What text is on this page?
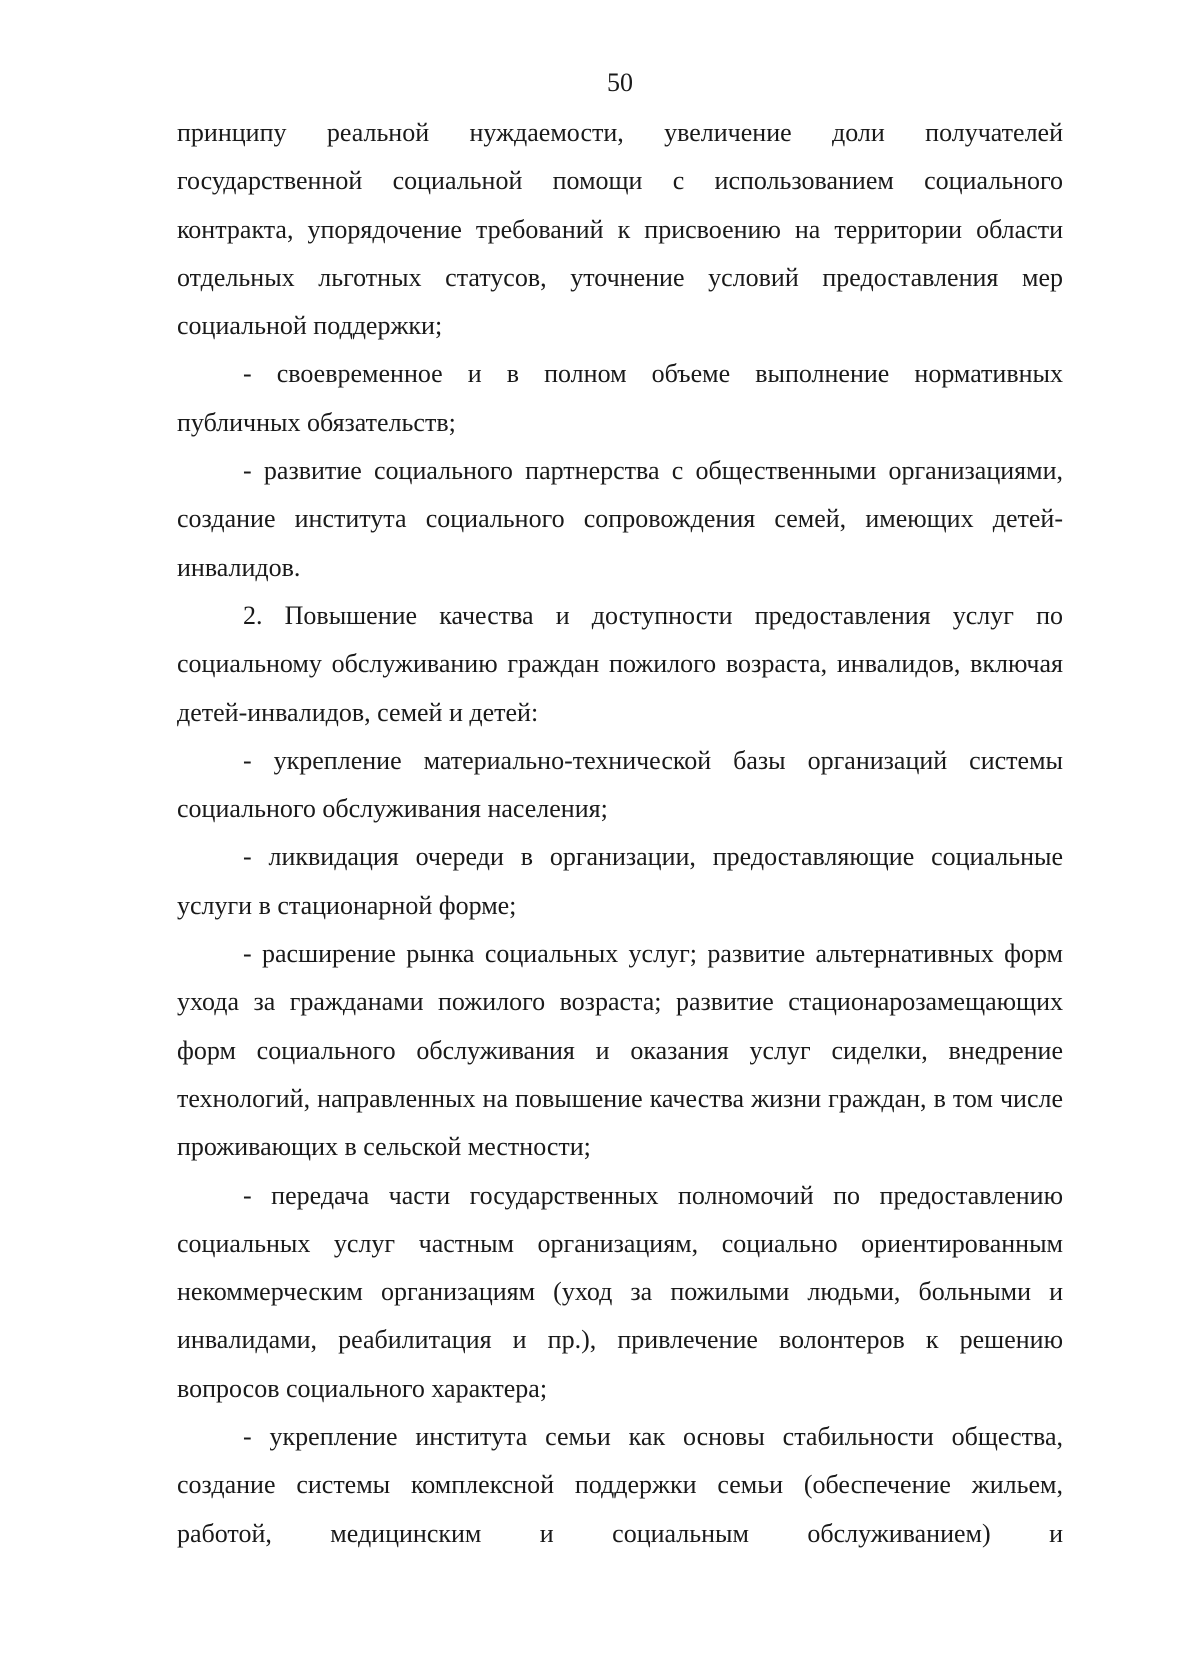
50

принципу реальной нуждаемости, увеличение доли получателей государственной социальной помощи с использованием социального контракта, упорядочение требований к присвоению на территории области отдельных льготных статусов, уточнение условий предоставления мер социальной поддержки;

- своевременное и в полном объеме выполнение нормативных публичных обязательств;

- развитие социального партнерства с общественными организациями, создание института социального сопровождения семей, имеющих детей-инвалидов.

2. Повышение качества и доступности предоставления услуг по социальному обслуживанию граждан пожилого возраста, инвалидов, включая детей-инвалидов, семей и детей:

- укрепление материально-технической базы организаций системы социального обслуживания населения;

- ликвидация очереди в организации, предоставляющие социальные услуги в стационарной форме;

- расширение рынка социальных услуг; развитие альтернативных форм ухода за гражданами пожилого возраста; развитие стационарозамещающих форм социального обслуживания и оказания услуг сиделки, внедрение технологий, направленных на повышение качества жизни граждан, в том числе проживающих в сельской местности;

- передача части государственных полномочий по предоставлению социальных услуг частным организациям, социально ориентированным некоммерческим организациям (уход за пожилыми людьми, больными и инвалидами, реабилитация и пр.), привлечение волонтеров к решению вопросов социального характера;

- укрепление института семьи как основы стабильности общества, создание системы комплексной поддержки семьи (обеспечение жильем, работой, медицинским и социальным обслуживанием) и
